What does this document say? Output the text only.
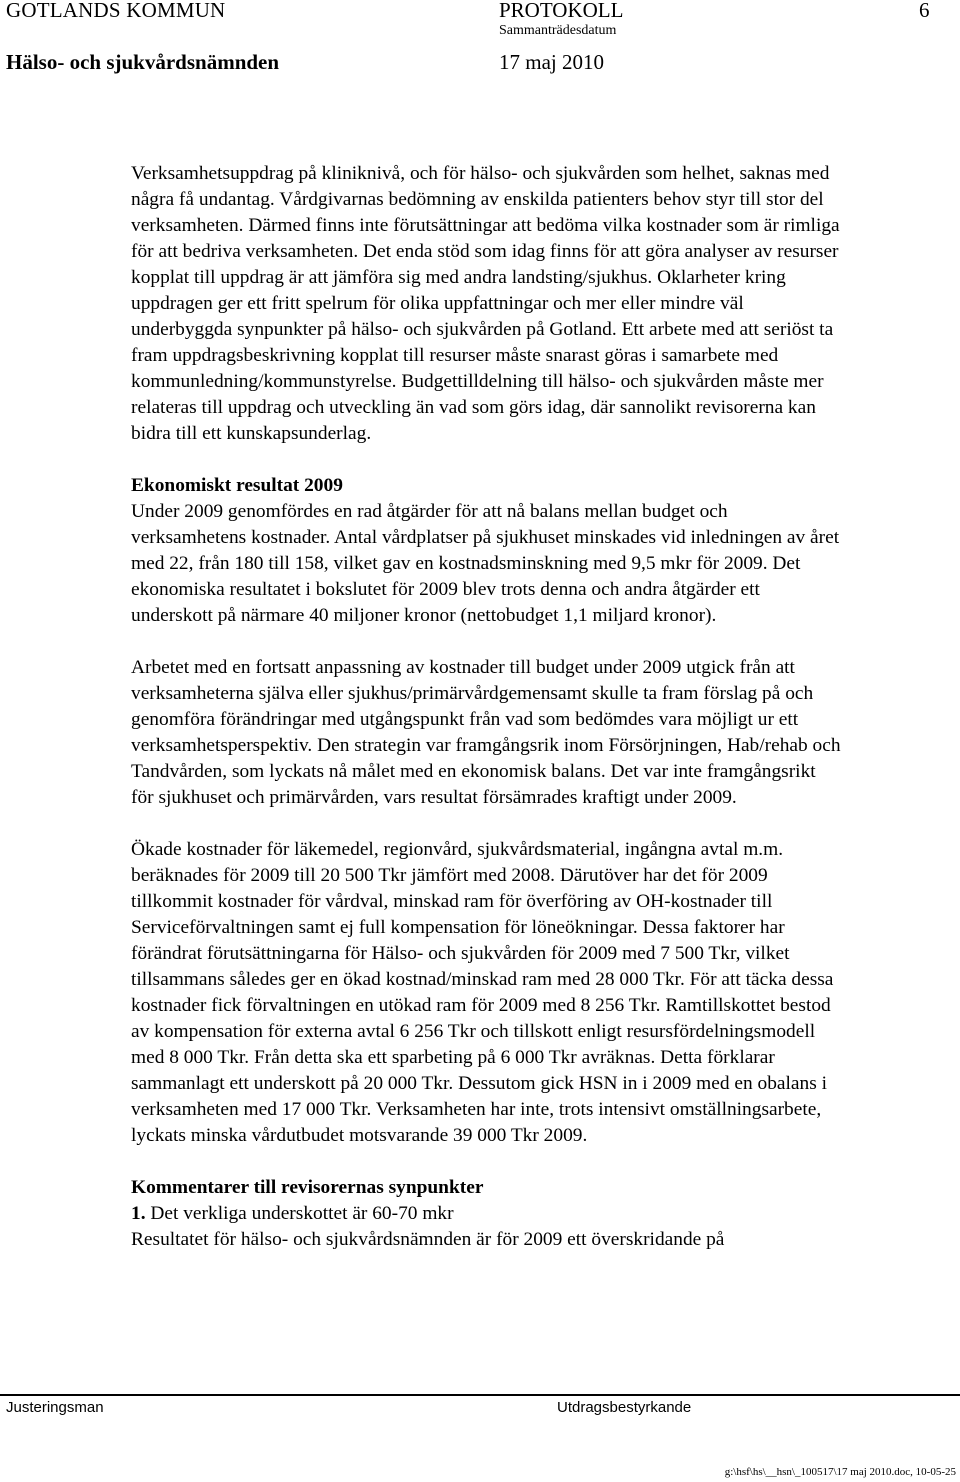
GOTLANDS KOMMUN	PROTOKOLL	6
Sammanträdesdatum
Hälso- och sjukvårdsnämnden	17 maj 2010

Verksamhetsuppdrag på kliniknivå, och för hälso- och sjukvården som helhet, saknas med några få undantag. Vårdgivarnas bedömning av enskilda patienters behov styr till stor del verksamheten. Därmed finns inte förutsättningar att bedöma vilka kostnader som är rimliga för att bedriva verksamheten. Det enda stöd som idag finns för att göra analyser av resurser kopplat till uppdrag är att jämföra sig med andra landsting/sjukhus. Oklarheter kring uppdragen ger ett fritt spelrum för olika uppfattningar och mer eller mindre väl underbyggda synpunkter på hälso- och sjukvården på Gotland. Ett arbete med att seriöst ta fram uppdragsbeskrivning kopplat till resurser måste snarast göras i samarbete med kommunledning/kommunstyrelse. Budgettilldelning till hälso- och sjukvården måste mer relateras till uppdrag och utveckling än vad som görs idag, där sannolikt revisorerna kan bidra till ett kunskapsunderlag.

Ekonomiskt resultat 2009

Under 2009 genomfördes en rad åtgärder för att nå balans mellan budget och verksamhetens kostnader. Antal vårdplatser på sjukhuset minskades vid inledningen av året med 22, från 180 till 158, vilket gav en kostnadsminskning med 9,5 mkr för 2009. Det ekonomiska resultatet i bokslutet för 2009 blev trots denna och andra åtgärder ett underskott på närmare 40 miljoner kronor (nettobudget 1,1 miljard kronor).

Arbetet med en fortsatt anpassning av kostnader till budget under 2009 utgick från att verksamheterna själva eller sjukhus/primärvårdgemensamt skulle ta fram förslag på och genomföra förändringar med utgångspunkt från vad som bedömdes vara möjligt ur ett verksamhetsperspektiv. Den strategin var framgångsrik inom Försörjningen, Hab/rehab och Tandvården, som lyckats nå målet med en ekonomisk balans. Det var inte framgångsrikt för sjukhuset och primärvården, vars resultat försämrades kraftigt under 2009.

Ökade kostnader för läkemedel, regionvård, sjukvårdsmaterial, ingångna avtal m.m. beräknades för 2009 till 20 500 Tkr jämfört med 2008. Därutöver har det för 2009 tillkommit kostnader för vårdval, minskad ram för överföring av OH-kostnader till Serviceförvaltningen samt ej full kompensation för löneökningar. Dessa faktorer har förändrat förutsättningarna för Hälso- och sjukvården för 2009 med 7 500 Tkr, vilket tillsammans således ger en ökad kostnad/minskad ram med 28 000 Tkr. För att täcka dessa kostnader fick förvaltningen en utökad ram för 2009 med 8 256 Tkr. Ramtillskottet bestod av kompensation för externa avtal 6 256 Tkr och tillskott enligt resursfördelningsmodell med 8 000 Tkr. Från detta ska ett sparbeting på 6 000 Tkr avräknas. Detta förklarar sammanlagt ett underskott på 20 000 Tkr. Dessutom gick HSN in i 2009 med en obalans i verksamheten med 17 000 Tkr. Verksamheten har inte, trots intensivt omställningsarbete, lyckats minska vårdutbudet motsvarande 39 000 Tkr 2009.

Kommentarer till revisorernas synpunkter

1. Det verkliga underskottet är 60-70 mkr

Resultatet för hälso- och sjukvårdsnämnden är för 2009 ett överskridande på

Justeringsman	Utdragsbestyrkande
g:\hsf\hs\__hsn\_100517\17 maj 2010.doc, 10-05-25
